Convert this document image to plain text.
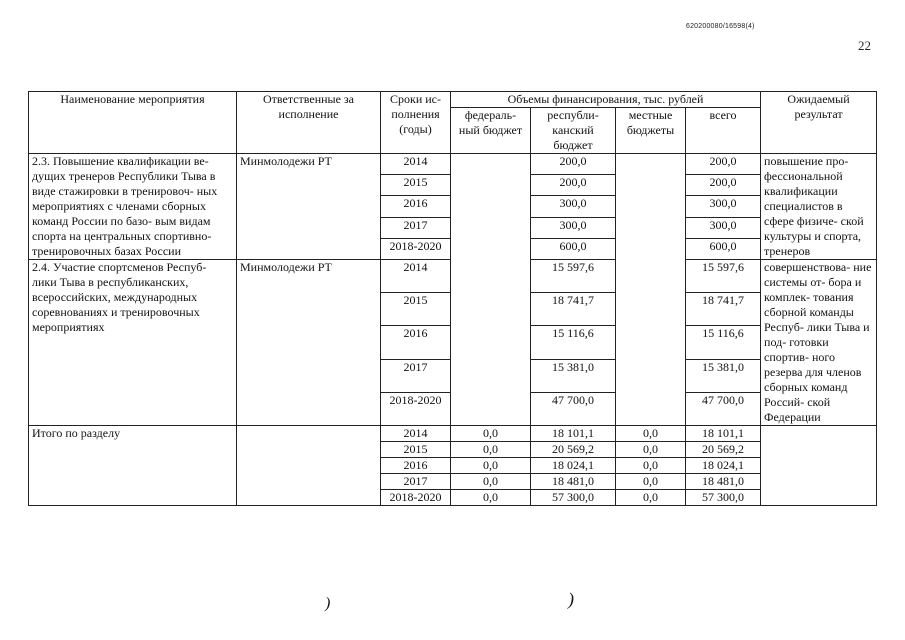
620200080/16598(4)
22
Наименование мероприятия	Ответственные за исполнение	Сроки ис- полнения (годы)	Объемы финансирования, тыс. рублей				Ожидаемый результат
			федераль- ный бюджет	республи- канский бюджет	местные бюджеты	всего	
2.3. Повышение квалификации ве- дущих тренеров Республики Тыва в виде стажировки в тренировоч- ных мероприятиях с членами сборных команд России по базо- вым видам спорта на центральных спортивно-тренировочных базах России	Минмолодежи РТ	2014		200,0		200,0	повышение про- фессиональной квалификации специалистов в сфере физиче- ской культуры и спорта, тренеров
		2015		200,0		200,0	
		2016		300,0		300,0	
		2017		300,0		300,0	
		2018-2020		600,0		600,0	
2.4. Участие спортсменов Респуб- лики Тыва в республиканских, всероссийских, международных соревнованиях и тренировочных мероприятиях	Минмолодежи РТ	2014		15 597,6		15 597,6	совершенствова- ние системы от- бора и комплек- тования сборной команды Респуб- лики Тыва и под- готовки спортив- ного резерва для членов сборных команд Россий- ской Федерации
		2015		18 741,7		18 741,7	
		2016		15 116,6		15 116,6	
		2017		15 381,0		15 381,0	
		2018-2020		47 700,0		47 700,0	
Итого по разделу		2014	0,0	18 101,1	0,0	18 101,1	
		2015	0,0	20 569,2	0,0	20 569,2	
		2016	0,0	18 024,1	0,0	18 024,1	
		2017	0,0	18 481,0	0,0	18 481,0	
		2018-2020	0,0	57 300,0	0,0	57 300,0	
)	)
